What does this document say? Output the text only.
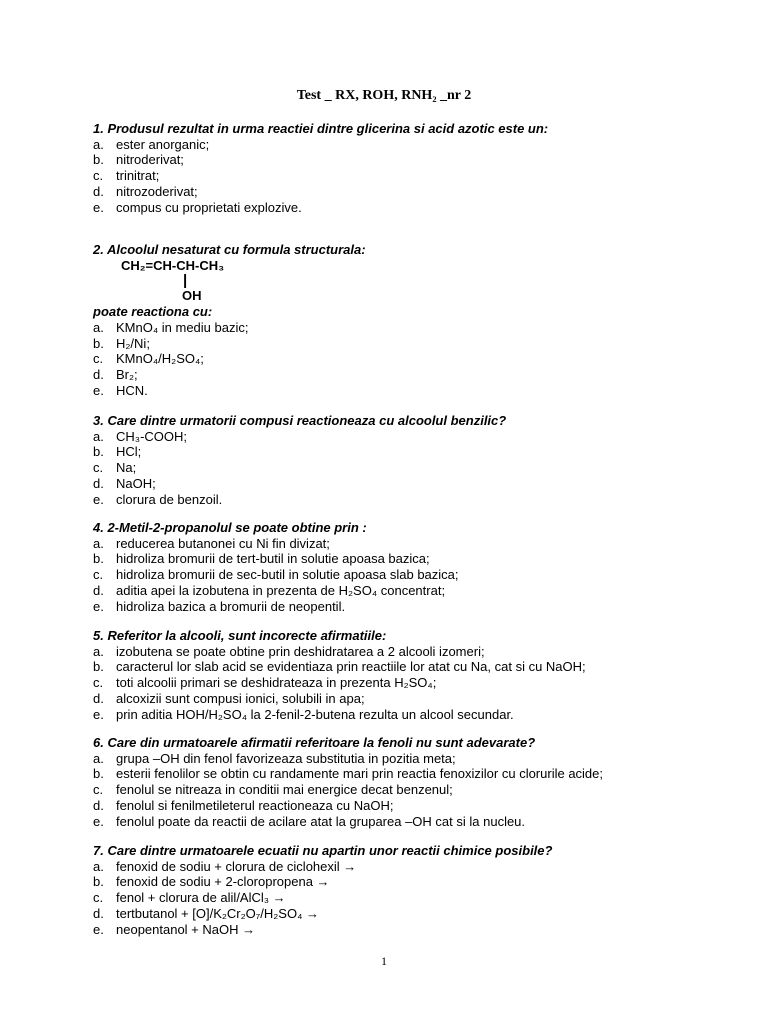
Test _ RX, ROH, RNH₂ _nr 2
1. Produsul rezultat in urma reactiei dintre glicerina si acid azotic este un:
a. ester anorganic;
b. nitroderivat;
c. trinitrat;
d. nitrozoderivat;
e. compus cu proprietati explozive.
2. Alcoolul nesaturat cu formula structurala:
CH₂=CH-CH-CH₃
|
OH
poate reactiona cu:
a. KMnO₄ in mediu bazic;
b. H₂/Ni;
c. KMnO₄/H₂SO₄;
d. Br₂;
e. HCN.
3. Care dintre urmatorii compusi reactioneaza cu alcoolul benzilic?
a. CH₃-COOH;
b. HCl;
c. Na;
d. NaOH;
e. clorura de benzoil.
4. 2-Metil-2-propanolul se poate obtine prin :
a. reducerea butanonei cu Ni fin divizat;
b. hidroliza bromurii de tert-butil in solutie apoasa bazica;
c. hidroliza bromurii de sec-butil in solutie apoasa slab bazica;
d. aditia apei la izobutena in prezenta de H₂SO₄ concentrat;
e. hidroliza bazica a bromurii de neopentil.
5. Referitor la alcooli, sunt incorecte afirmatiile:
a. izobutena se poate obtine prin deshidratarea a 2 alcooli izomeri;
b. caracterul lor slab acid se evidentiaza prin reactiile lor atat cu Na, cat si cu NaOH;
c. toti alcoolii primari se deshidrateaza in prezenta H₂SO₄;
d. alcoxizii sunt compusi ionici, solubili in apa;
e. prin aditia HOH/H₂SO₄ la 2-fenil-2-butena rezulta un alcool secundar.
6. Care din urmatoarele afirmatii referitoare la fenoli nu sunt adevarate?
a. grupa –OH din fenol favorizeaza substitutia in pozitia meta;
b. esterii fenolilor se obtin cu randamente mari prin reactia fenoxizilor cu clorurile acide;
c. fenolul se nitreaza in conditii mai energice decat benzenul;
d. fenolul si fenilmetileterul reactioneaza cu NaOH;
e. fenolul poate da reactii de acilare atat la gruparea –OH cat si la nucleu.
7. Care dintre urmatoarele ecuatii nu apartin unor reactii chimice posibile?
a. fenoxid de sodiu + clorura de ciclohexil →
b. fenoxid de sodiu + 2-cloropropena →
c. fenol + clorura de alil/AlCl₃ →
d. tertbutanol + [O]/K₂Cr₂O₇/H₂SO₄ →
e. neopentanol + NaOH →
1
